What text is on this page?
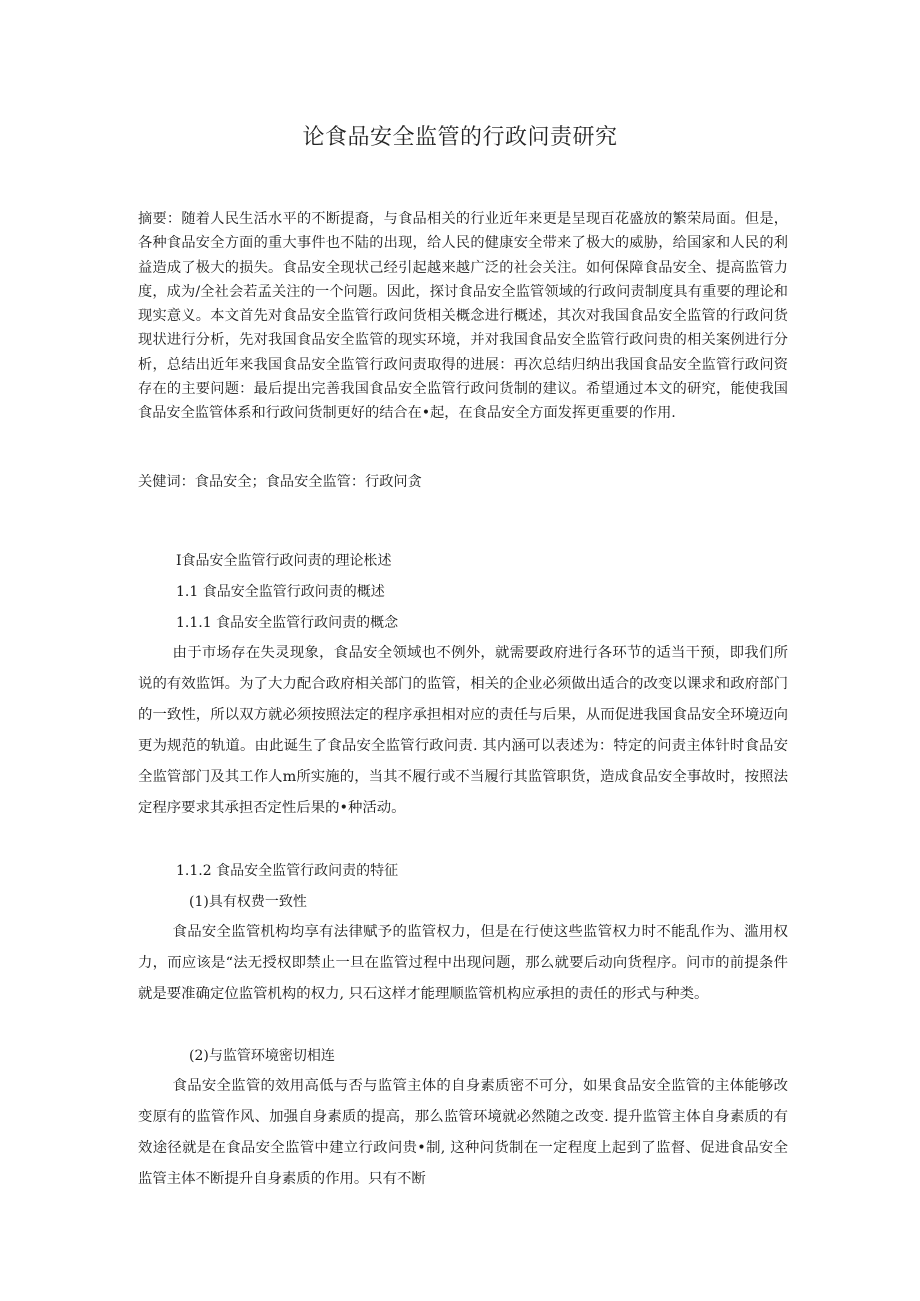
论食品安全监管的行政问责研究

摘要：随着人民生活水平的不断提裔，与食品相关的行业近年来更是呈现百花盛放的繁荣局面。但是，各种食品安全方面的重大事件也不陆的出现，给人民的健康安全带来了极大的威胁，给国家和人民的利益造成了极大的损失。食品安全现状己经引起越来越广泛的社会关注。如何保障食品安全、提高监管力度，成为/全社会若孟关注的一个问题。因此，探讨食品安全监管领域的行政问责制度具有重要的理论和现实意义。本文首先对食品安全监管行政问货相关概念进行概述，其次对我国食品安全监管的行政问货现状进行分析，先对我国食品安全监管的现实环境，并对我国食品安全监管行政问贵的相关案例进行分析，总结出近年来我国食品安全监管行政问责取得的进展：再次总结归纳出我国食品安全监管行政问资存在的主要问题：最后提出完善我国食品安全监管行政问货制的建议。希望通过本文的研究，能使我国食品安全监管体系和行政问货制更好的结合在•起，在食品安全方面发挥更重要的作用.

关健词：食品安全；食品安全监管：行政问贪

I食品安全监管行政问责的理论枨述

1.1 食品安全监管行政问责的概述

1.1.1 食品安全监管行政问责的概念

由于市场存在失灵现象，食品安全领域也不例外，就需要政府进行各环节的适当干预，即我们所说的有效监饵。为了大力配合政府相关部门的监管，相关的企业必须做出适合的改变以课求和政府部门的一致性，所以双方就必须按照法定的程序承担相对应的责任与后果，从而促进我国食品安全环境迈向更为规范的轨道。由此诞生了食品安全监管行政问责. 其内涵可以表述为：特定的问责主体针时食品安全监管部门及其工作人m所实施的，当其不履行或不当履行其监管职货，造成食品安全事故时，按照法定程序要求其承担否定性后果的•种活动。

1.1.2 食品安全监管行政问责的特征

(1)具有权费一致性

食品安全监管机构均享有法律赋予的监管权力，但是在行使这些监管权力时不能乱作为、滥用权力，而应该是“法无授权即禁止一旦在监管过程中出现问题，那么就要后动向货程序。问市的前提条件就是要准确定位监管机构的权力, 只石这样才能理顺监管机构应承担的责任的形式与种类。

(2)与监管环境密切相连

食品安全监管的效用高低与否与监管主体的自身素质密不可分，如果食品安全监管的主体能够改变原有的监管作风、加强自身素质的提高，那么监管环境就必然随之改变. 提升监管主体自身素质的有效途径就是在食品安全监管中建立行政问贵•制, 这种问货制在一定程度上起到了监督、促进食品安全监管主体不断提升自身素质的作用。只有不断
